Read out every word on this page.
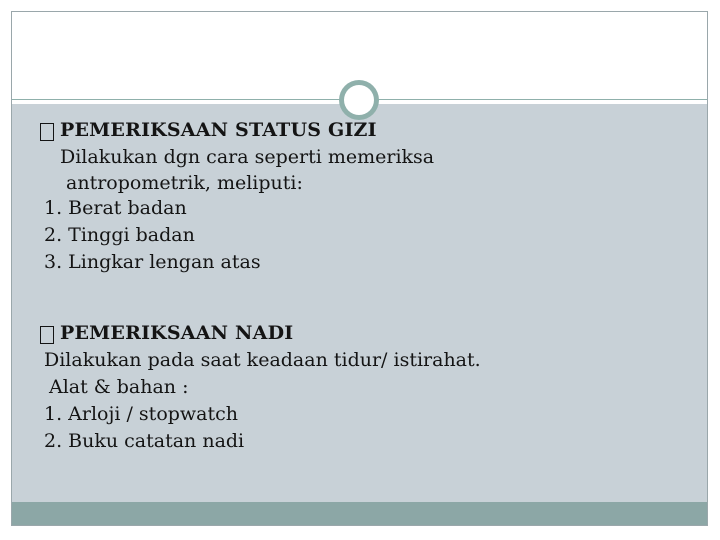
PEMERIKSAAN STATUS GIZI
Dilakukan dgn cara seperti memeriksa
antropometrik, meliputi:
1. Berat badan
2. Tinggi badan
3. Lingkar lengan atas
PEMERIKSAAN NADI
Dilakukan pada saat keadaan tidur/ istirahat.
Alat & bahan :
1. Arloji / stopwatch
2. Buku catatan nadi
